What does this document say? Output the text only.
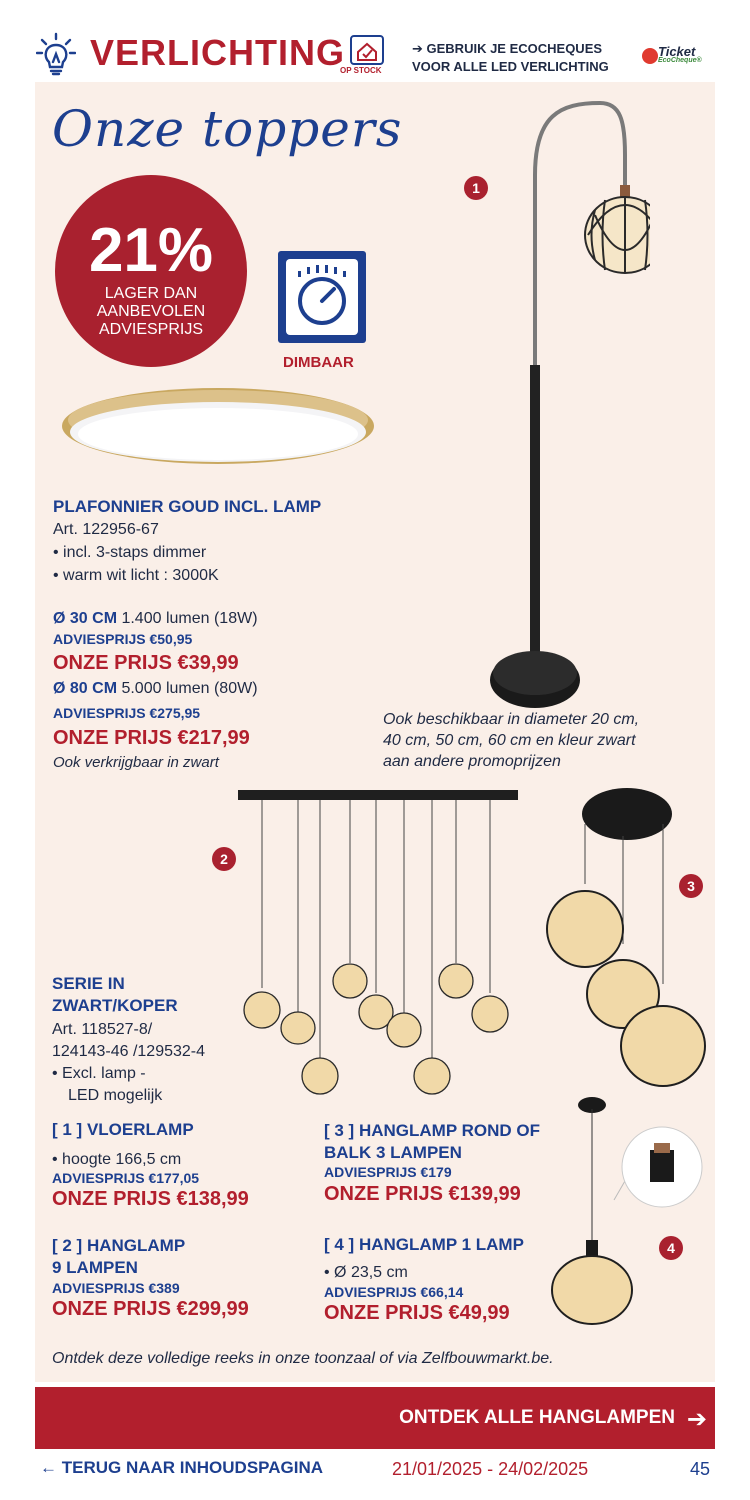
VERLICHTING
OP STOCK
➔ GEBRUIK JE ECOCHEQUES
VOOR ALLE LED VERLICHTING
Ticket
EcoCheque®
Onze toppers
21%
LAGER DAN
AANBEVOLEN
ADVIESPRIJS
DIMBAAR
1
PLAFONNIER GOUD INCL. LAMP
Art. 122956-67
• incl. 3-staps dimmer
• warm wit licht : 3000K
Ø 30 CM 1.400 lumen (18W)
ADVIESPRIJS €50,95
ONZE PRIJS €39,99
Ø 80 CM 5.000 lumen (80W)
ADVIESPRIJS €275,95
ONZE PRIJS €217,99
Ook verkrijgbaar in zwart
Ook beschikbaar in diameter 20 cm,
40 cm, 50 cm, 60 cm en kleur zwart
aan andere promoprijzen
2
3
SERIE IN
ZWART/KOPER
Art. 118527-8/
124143-46 /129532-4
• Excl. lamp -
LED mogelijk
[ 1 ] VLOERLAMP
• hoogte 166,5 cm
ADVIESPRIJS €177,05
ONZE PRIJS €138,99
[ 2 ] HANGLAMP
9 LAMPEN
ADVIESPRIJS €389
ONZE PRIJS €299,99
[ 3 ] HANGLAMP ROND OF
BALK 3 LAMPEN
ADVIESPRIJS €179
ONZE PRIJS €139,99
[ 4 ] HANGLAMP 1 LAMP
• Ø 23,5 cm
ADVIESPRIJS €66,14
ONZE PRIJS €49,99
4
Ontdek deze volledige reeks in onze toonzaal of via Zelfbouwmarkt.be.
ONTDEK ALLE HANGLAMPEN ➔
← TERUG NAAR INHOUDSPAGINA	21/01/2025 - 24/02/2025	45
